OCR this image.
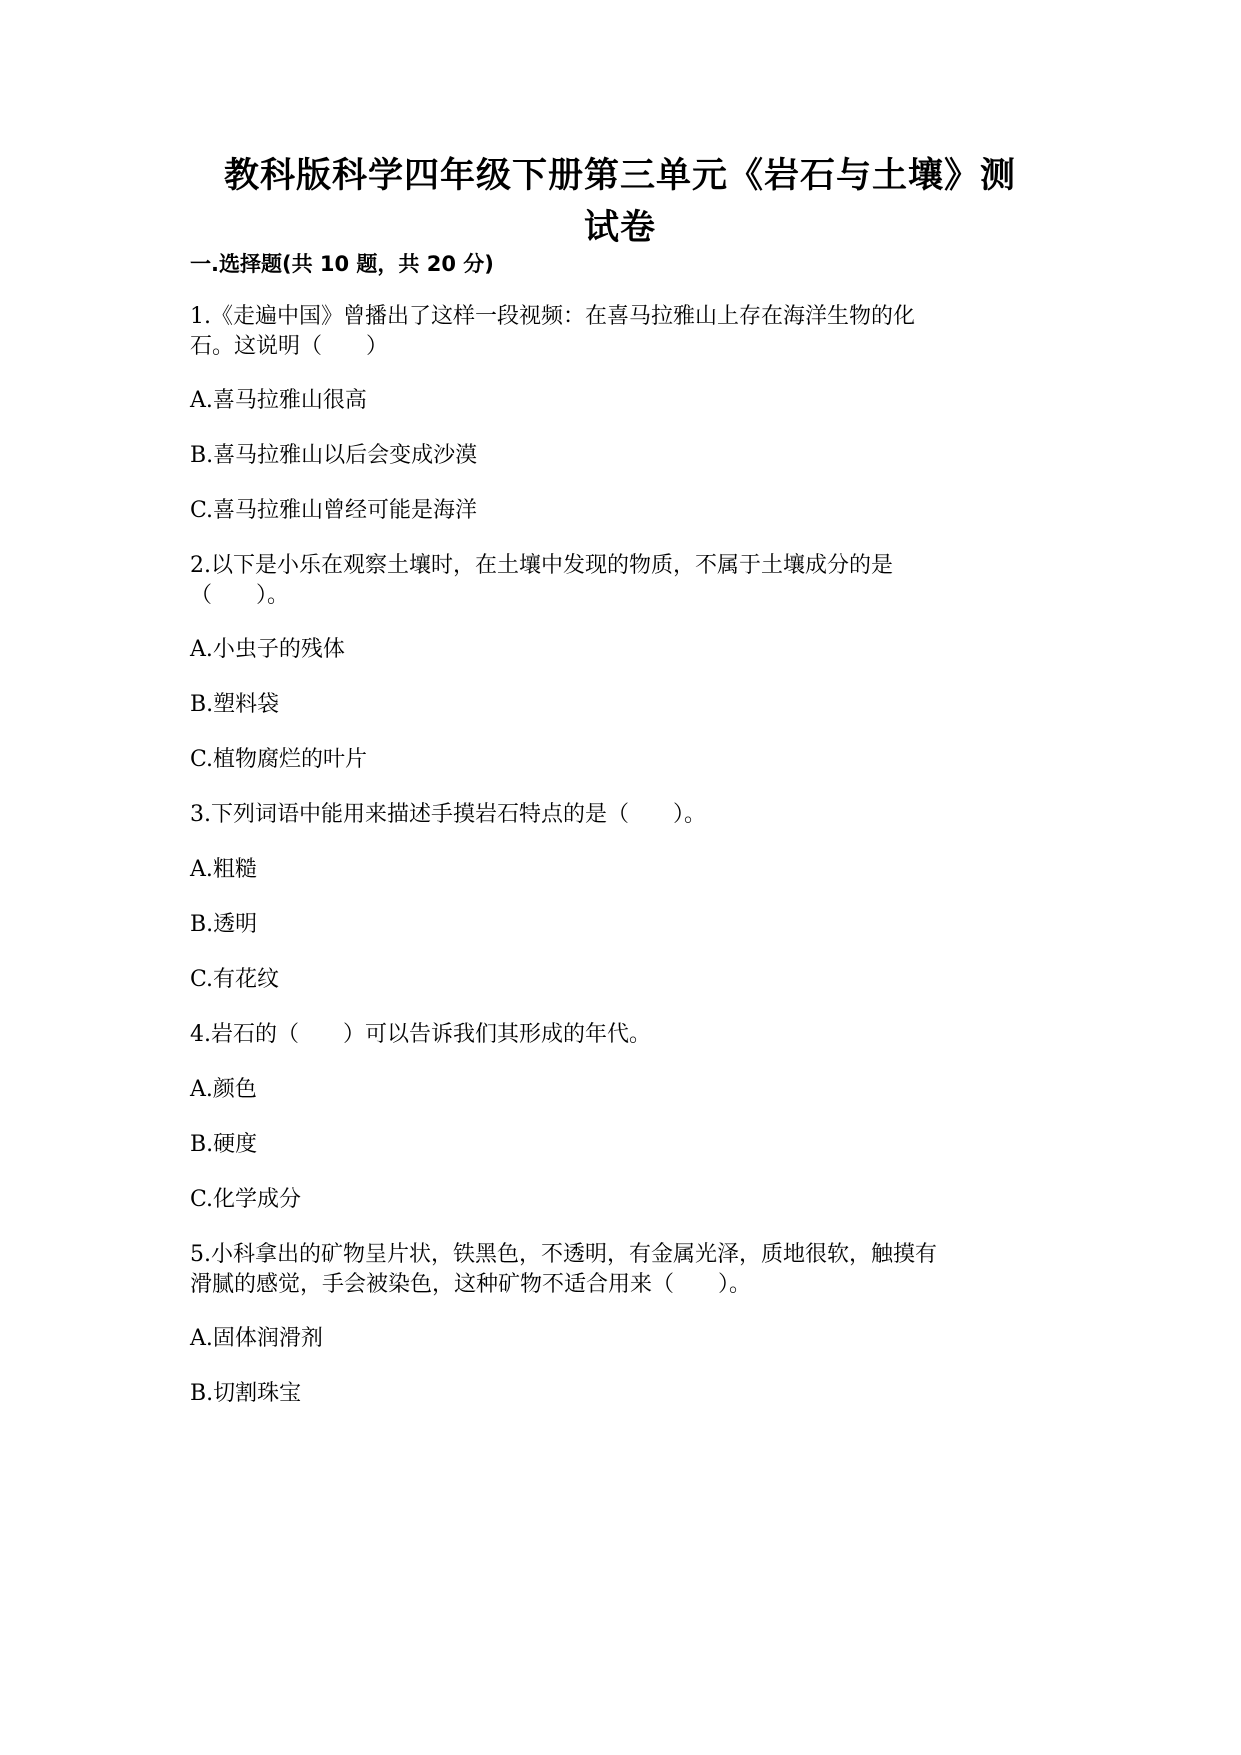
教科版科学四年级下册第三单元《岩石与土壤》测
试卷
一.选择题(共 10 题，共 20 分)
1.《走遍中国》曾播出了这样一段视频：在喜马拉雅山上存在海洋生物的化
石。这说明（　　）
A.喜马拉雅山很高
B.喜马拉雅山以后会变成沙漠
C.喜马拉雅山曾经可能是海洋
2.以下是小乐在观察土壤时，在土壤中发现的物质，不属于土壤成分的是
（　　）。
A.小虫子的残体
B.塑料袋
C.植物腐烂的叶片
3.下列词语中能用来描述手摸岩石特点的是（　　）。
A.粗糙
B.透明
C.有花纹
4.岩石的（　　）可以告诉我们其形成的年代。
A.颜色
B.硬度
C.化学成分
5.小科拿出的矿物呈片状，铁黑色，不透明，有金属光泽，质地很软，触摸有
滑腻的感觉，手会被染色，这种矿物不适合用来（　　）。
A.固体润滑剂
B.切割珠宝
